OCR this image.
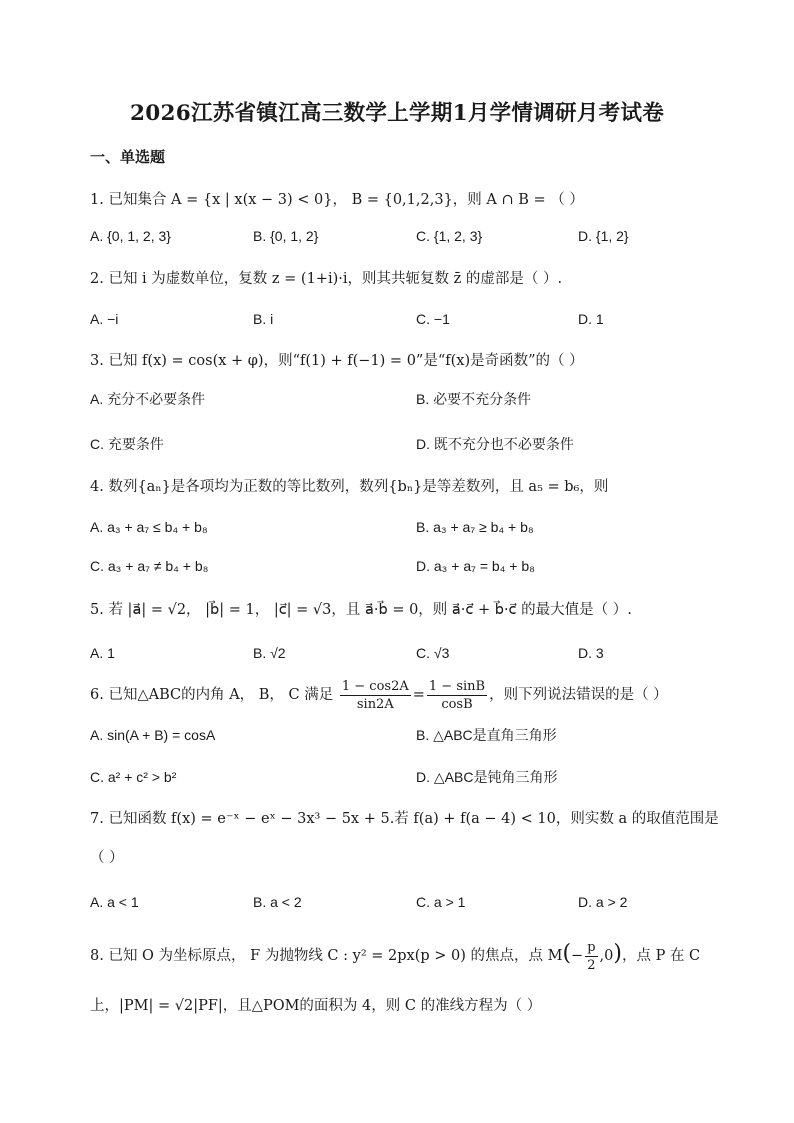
2026江苏省镇江高三数学上学期1月学情调研月考试卷
一、单选题
1. 已知集合 A = {x | x(x − 3) < 0}， B = {0,1,2,3}，则 A ∩ B = （ ）
A. {0, 1, 2, 3}	B. {0, 1, 2}	C. {1, 2, 3}	D. {1, 2}
2. 已知 i 为虚数单位，复数 z = (1+i)·i，则其共轭复数 z̄ 的虚部是（ ）.
A. −i	B. i	C. −1	D. 1
3. 已知 f(x) = cos(x + φ)，则“f(1) + f(−1) = 0”是“f(x)是奇函数”的（ ）
A. 充分不必要条件	B. 必要不充分条件
C. 充要条件	D. 既不充分也不必要条件
4. 数列{aₙ}是各项均为正数的等比数列，数列{bₙ}是等差数列，且 a₅ = b₆，则
A. a₃ + a₇ ≤ b₄ + b₈	B. a₃ + a₇ ≥ b₄ + b₈
C. a₃ + a₇ ≠ b₄ + b₈	D. a₃ + a₇ = b₄ + b₈
5. 若 |a⃗| = √2， |b⃗| = 1， |c⃗| = √3，且 a⃗·b⃗ = 0，则 a⃗·c⃗ + b⃗·c⃗ 的最大值是（ ）.
A. 1	B. √2	C. √3	D. 3
6. 已知△ABC的内角 A， B， C 满足 $\frac{1 - \cos 2A}{\sin 2A} = \frac{1 - \sin B}{\cos B}$ ，则下列说法错误的是（ ）
A. sin(A + B) = cosA	B. △ABC是直角三角形
C. a² + c² > b²	D. △ABC是钝角三角形
7. 已知函数 f(x) = e⁻ˣ − eˣ − 3x³ − 5x + 5.若 f(a) + f(a − 4) < 10，则实数 a 的取值范围是
（ ）
A. a < 1	B. a < 2	C. a > 1	D. a > 2
8. 已知 O 为坐标原点， F 为抛物线 C : y² = 2px(p > 0) 的焦点，点 $M(- \frac{p}{2} ,0)$，点 P 在 C
上，|PM| = √2|PF|，且△POM的面积为 4，则 C 的准线方程为（ ）
